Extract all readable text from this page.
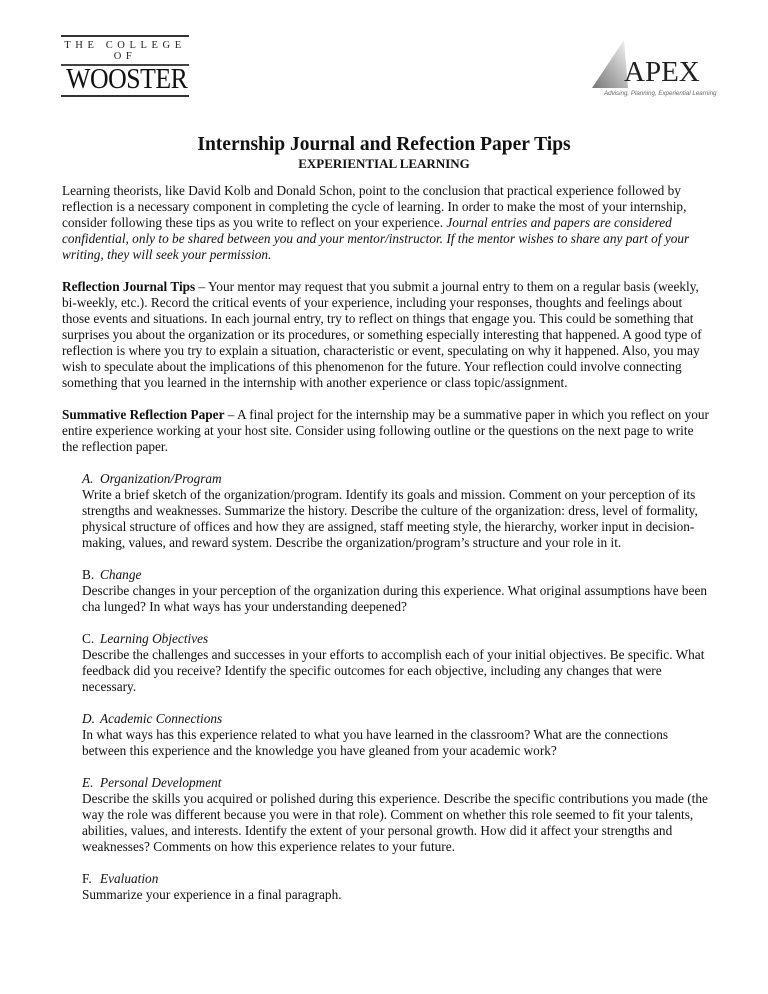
THE COLLEGE OF
WOOSTER	APEX
Advising, Planning, Experiential Learning
Internship Journal and Refection Paper Tips
EXPERIENTIAL LEARNING

Learning theorists, like David Kolb and Donald Schon, point to the conclusion that practical experience followed by reflection is a necessary component in completing the cycle of learning. In order to make the most of your internship, consider following these tips as you write to reflect on your experience. Journal entries and papers are considered confidential, only to be shared between you and your mentor/instructor. If the mentor wishes to share any part of your writing, they will seek your permission.

Reflection Journal Tips – Your mentor may request that you submit a journal entry to them on a regular basis (weekly, bi-weekly, etc.). Record the critical events of your experience, including your responses, thoughts and feelings about those events and situations. In each journal entry, try to reflect on things that engage you. This could be something that surprises you about the organization or its procedures, or something especially interesting that happened. A good type of reflection is where you try to explain a situation, characteristic or event, speculating on why it happened. Also, you may wish to speculate about the implications of this phenomenon for the future. Your reflection could involve connecting something that you learned in the internship with another experience or class topic/assignment.

Summative Reflection Paper – A final project for the internship may be a summative paper in which you reflect on your entire experience working at your host site. Consider using following outline or the questions on the next page to write the reflection paper.

A. Organization/Program
Write a brief sketch of the organization/program. Identify its goals and mission. Comment on your perception of its strengths and weaknesses. Summarize the history. Describe the culture of the organization: dress, level of formality, physical structure of offices and how they are assigned, staff meeting style, the hierarchy, worker input in decision-making, values, and reward system. Describe the organization/program’s structure and your role in it.
B. Change
Describe changes in your perception of the organization during this experience. What original assumptions have been cha lunged? In what ways has your understanding deepened?
C. Learning Objectives
Describe the challenges and successes in your efforts to accomplish each of your initial objectives. Be specific. What feedback did you receive? Identify the specific outcomes for each objective, including any changes that were necessary.
D. Academic Connections
In what ways has this experience related to what you have learned in the classroom? What are the connections between this experience and the knowledge you have gleaned from your academic work?
E. Personal Development
Describe the skills you acquired or polished during this experience. Describe the specific contributions you made (the way the role was different because you were in that role). Comment on whether this role seemed to fit your talents, abilities, values, and interests. Identify the extent of your personal growth. How did it affect your strengths and weaknesses? Comments on how this experience relates to your future.
F. Evaluation
Summarize your experience in a final paragraph.
